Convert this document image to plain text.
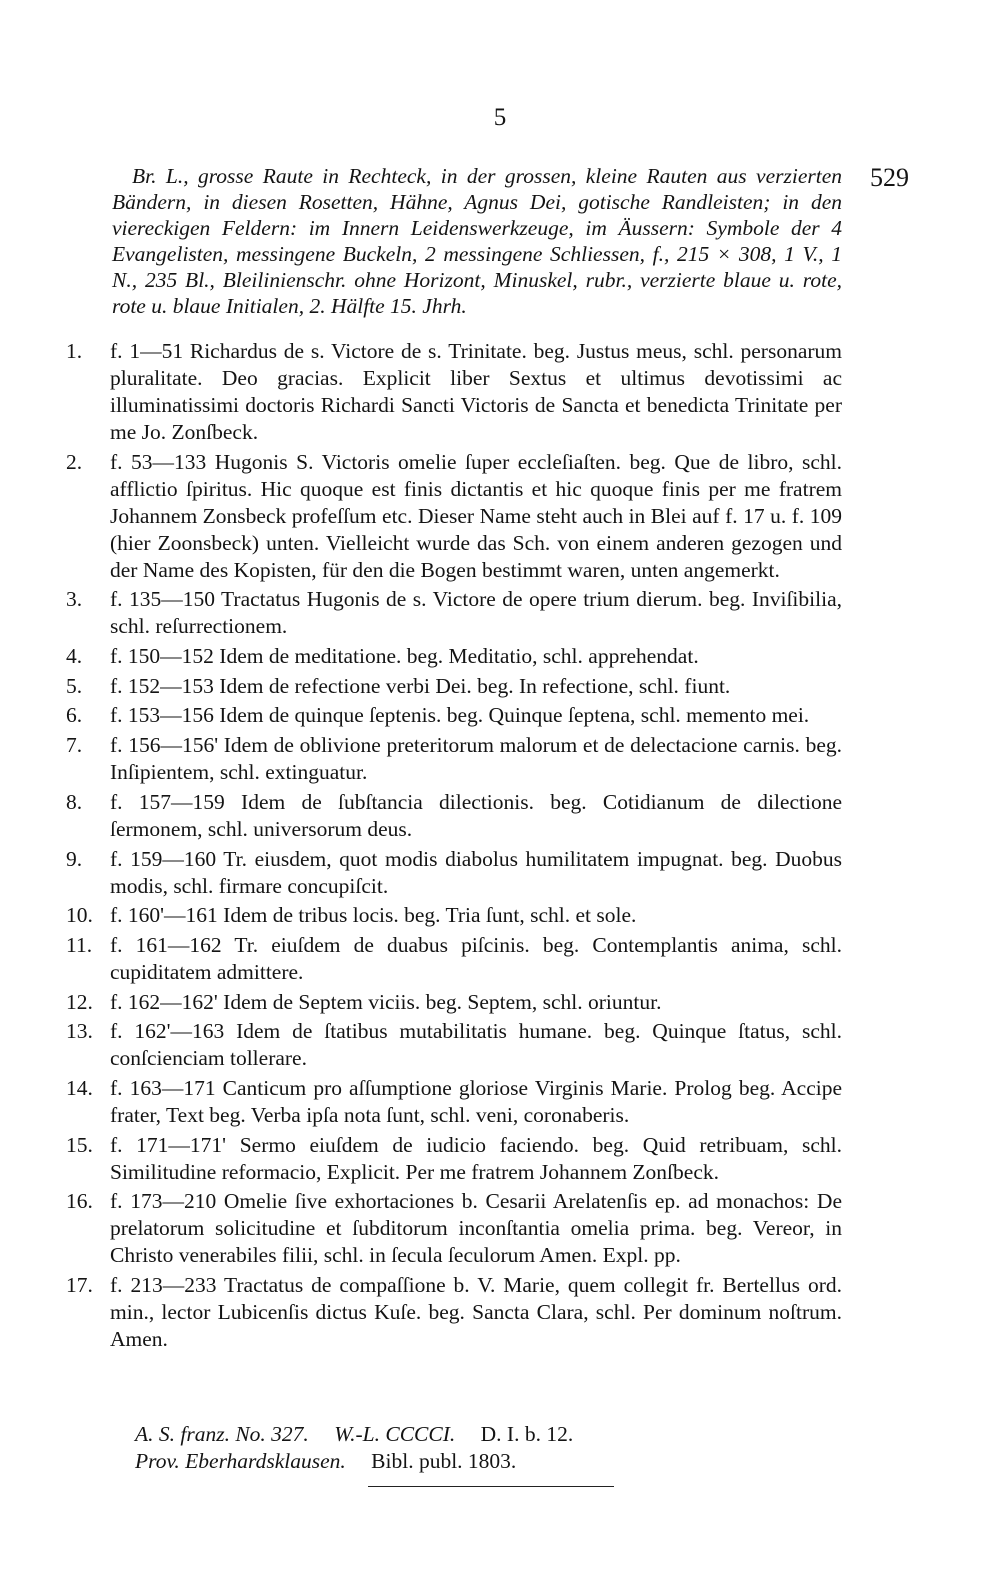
5
529
Br. L., grosse Raute in Rechteck, in der grossen, kleine Rauten aus verzierten Bändern, in diesen Rosetten, Hähne, Agnus Dei, gotische Randleisten; in den viereckigen Feldern: im Innern Leidenswerkzeuge, im Äussern: Symbole der 4 Evangelisten, messingene Buckeln, 2 messingene Schliessen, f., 215 × 308, 1 V., 1 N., 235 Bl., Bleilinienschr. ohne Horizont, Minuskel, rubr., verzierte blaue u. rote, rote u. blaue Initialen, 2. Hälfte 15. Jhrh.
1.	f. 1—51 Richardus de s. Victore de s. Trinitate. beg. Justus meus, schl. personarum pluralitate. Deo gracias. Explicit liber Sextus et ultimus devotissimi ac illuminatissimi doctoris Richardi Sancti Victoris de Sancta et benedicta Trinitate per me Jo. Zonſbeck.
2.	f. 53—133 Hugonis S. Victoris omelie ſuper eccleſiaſten. beg. Que de libro, schl. afflictio ſpiritus. Hic quoque est finis dictantis et hic quoque finis per me fratrem Johannem Zonsbeck profeſſum etc. Dieser Name steht auch in Blei auf f. 17 u. f. 109 (hier Zoonsbeck) unten. Vielleicht wurde das Sch. von einem anderen gezogen und der Name des Kopisten, für den die Bogen bestimmt waren, unten angemerkt.
3.	f. 135—150 Tractatus Hugonis de s. Victore de opere trium dierum. beg. Inviſibilia, schl. reſurrectionem.
4.	f. 150—152 Idem de meditatione. beg. Meditatio, schl. apprehendat.
5.	f. 152—153 Idem de refectione verbi Dei. beg. In refectione, schl. fiunt.
6.	f. 153—156 Idem de quinque ſeptenis. beg. Quinque ſeptena, schl. memento mei.
7.	f. 156—156' Idem de oblivione preteritorum malorum et de delectacione carnis. beg. Inſipientem, schl. extinguatur.
8.	f. 157—159 Idem de ſubſtancia dilectionis. beg. Cotidianum de dilectione ſermonem, schl. universorum deus.
9.	f. 159—160 Tr. eiusdem, quot modis diabolus humilitatem impugnat. beg. Duobus modis, schl. firmare concupiſcit.
10. f. 160'—161 Idem de tribus locis. beg. Tria ſunt, schl. et sole.
11. f. 161—162 Tr. eiuſdem de duabus piſcinis. beg. Contemplantis anima, schl. cupiditatem admittere.
12. f. 162—162' Idem de Septem viciis. beg. Septem, schl. oriuntur.
13. f. 162'—163 Idem de ſtatibus mutabilitatis humane. beg. Quinque ſtatus, schl. conſcienciam tollerare.
14. f. 163—171 Canticum pro aſſumptione gloriose Virginis Marie. Prolog beg. Accipe frater, Text beg. Verba ipſa nota ſunt, schl. veni, coronaberis.
15. f. 171—171' Sermo eiuſdem de iudicio faciendo. beg. Quid retribuam, schl. Similitudine reformacio, Explicit. Per me fratrem Johannem Zonſbeck.
16. f. 173—210 Omelie ſive exhortaciones b. Cesarii Arelatenſis ep. ad monachos: De prelatorum solicitudine et ſubditorum inconſtantia omelia prima. beg. Vereor, in Christo venerabiles filii, schl. in ſecula ſeculorum Amen. Expl. pp.
17. f. 213—233 Tractatus de compaſſione b. V. Marie, quem collegit fr. Bertellus ord. min., lector Lubicenſis dictus Kuſe. beg. Sancta Clara, schl. Per dominum noſtrum. Amen.
A. S. franz. No. 327. W.-L. CCCCI. D. I. b. 12.
Prov. Eberhardsklausen. Bibl. publ. 1803.
